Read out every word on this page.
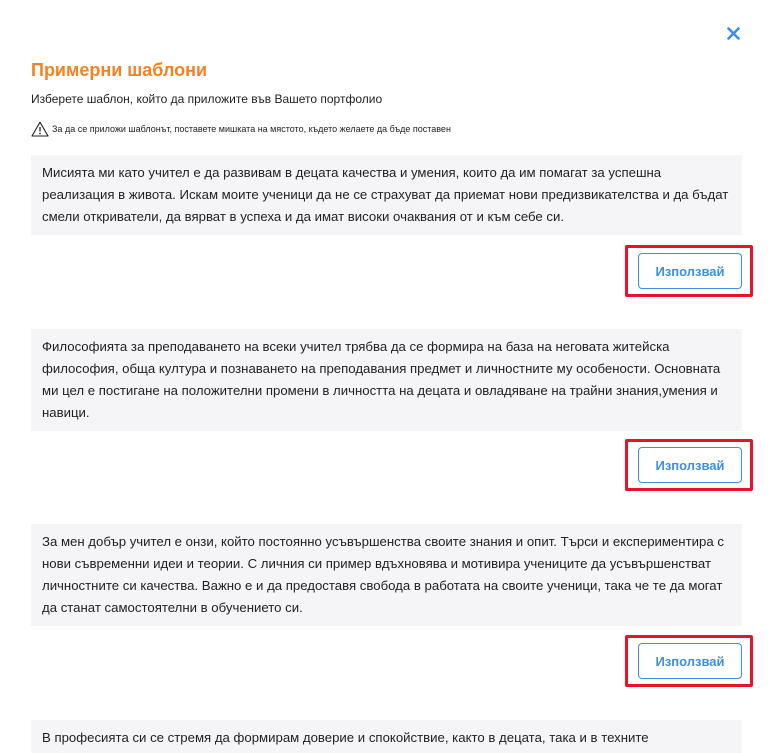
Примерни шаблони
Изберете шаблон, който да приложите във Вашето портфолио
За да се приложи шаблонът, поставете мишката на мястото, където желаете да бъде поставен
Мисията ми като учител е да развивам в децата качества и умения, които да им помагат за успешна реализация в живота. Искам моите ученици да не се страхуват да приемат нови предизвикателства и да бъдат смели откриватели, да вярват в успеха и да имат високи очаквания от и към себе си.
Използвай
Философията за преподаването на всеки учител трябва да се формира на база на неговата житейска философия, обща култура и познаването на преподавания предмет и личностните му особености. Основната ми цел е постигане на положителни промени в личността на децата и овладяване на трайни знания,умения и навици.
Използвай
За мен добър учител е онзи, който постоянно усъвършенства своите знания и опит. Търси и експериментира с нови съвременни идеи и теории. С личния си пример вдъхновява и мотивира учениците да усъвършенстват личностните си качества. Важно е и да предоставя свобода в работата на своите ученици, така че те да могат да станат самостоятелни в обучението си.
Използвай
В професията си се стремя да формирам доверие и спокойствие, както в децата, така и в техните
